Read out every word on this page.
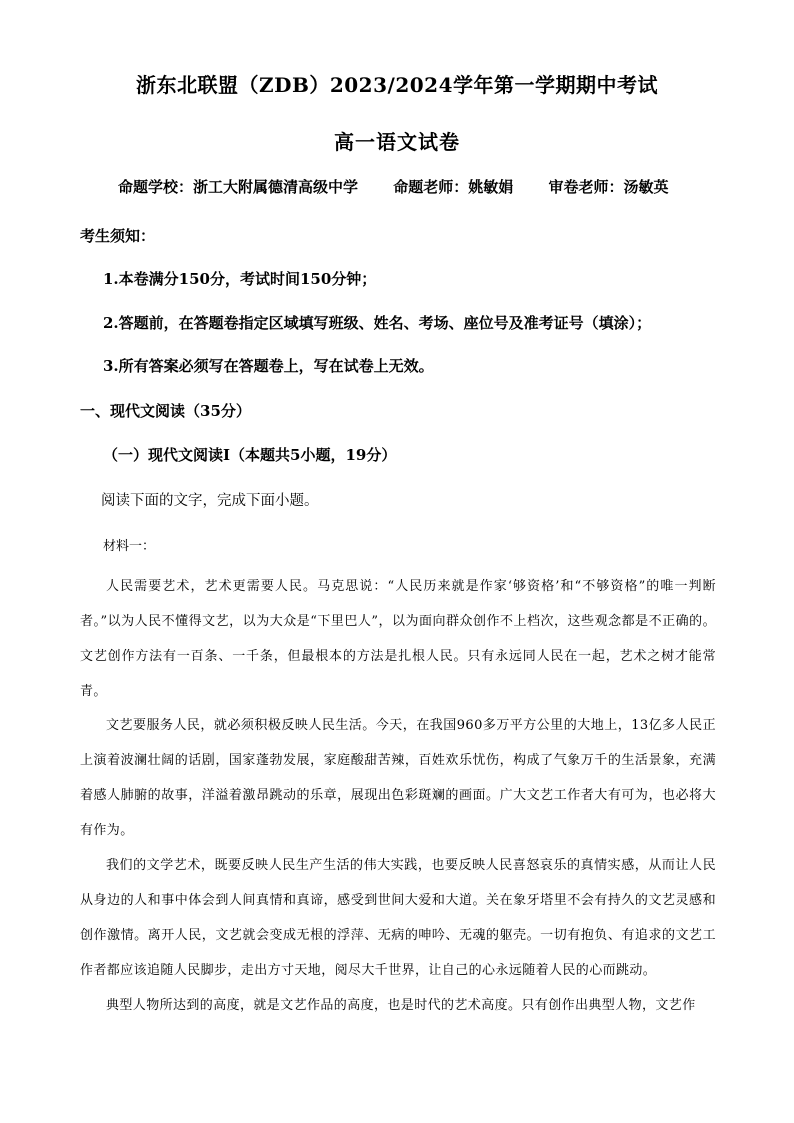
浙东北联盟（ZDB）2023/2024学年第一学期期中考试
高一语文试卷
命题学校：浙工大附属德清高级中学 命题老师：姚敏娟 审卷老师：汤敏英
考生须知：
1.本卷满分150分，考试时间150分钟；
2.答题前，在答题卷指定区域填写班级、姓名、考场、座位号及准考证号（填涂）；
3.所有答案必须写在答题卷上，写在试卷上无效。
一、现代文阅读（35分）
（一）现代文阅读Ⅰ（本题共5小题，19分）
阅读下面的文字，完成下面小题。
材料一：
人民需要艺术，艺术更需要人民。马克思说：“人民历来就是作家‘够资格’和“不够资格”的唯一判断者。”以为人民不懂得文艺，以为大众是“下里巴人”，以为面向群众创作不上档次，这些观念都是不正确的。文艺创作方法有一百条、一千条，但最根本的方法是扎根人民。只有永远同人民在一起，艺术之树才能常青。
文艺要服务人民，就必须积极反映人民生活。今天，在我国960多万平方公里的大地上，13亿多人民正上演着波澜壮阔的话剧，国家蓬勃发展，家庭酸甜苦辣，百姓欢乐忧伤，构成了气象万千的生活景象，充满着感人肺腑的故事，洋溢着激昂跳动的乐章，展现出色彩斑斓的画面。广大文艺工作者大有可为，也必将大有作为。
我们的文学艺术，既要反映人民生产生活的伟大实践，也要反映人民喜怒哀乐的真情实感，从而让人民从身边的人和事中体会到人间真情和真谛，感受到世间大爱和大道。关在象牙塔里不会有持久的文艺灵感和创作激情。离开人民，文艺就会变成无根的浮萍、无病的呻吟、无魂的躯壳。一切有抱负、有追求的文艺工作者都应该追随人民脚步，走出方寸天地，阅尽大千世界，让自己的心永远随着人民的心而跳动。
典型人物所达到的高度，就是文艺作品的高度，也是时代的艺术高度。只有创作出典型人物，文艺作
